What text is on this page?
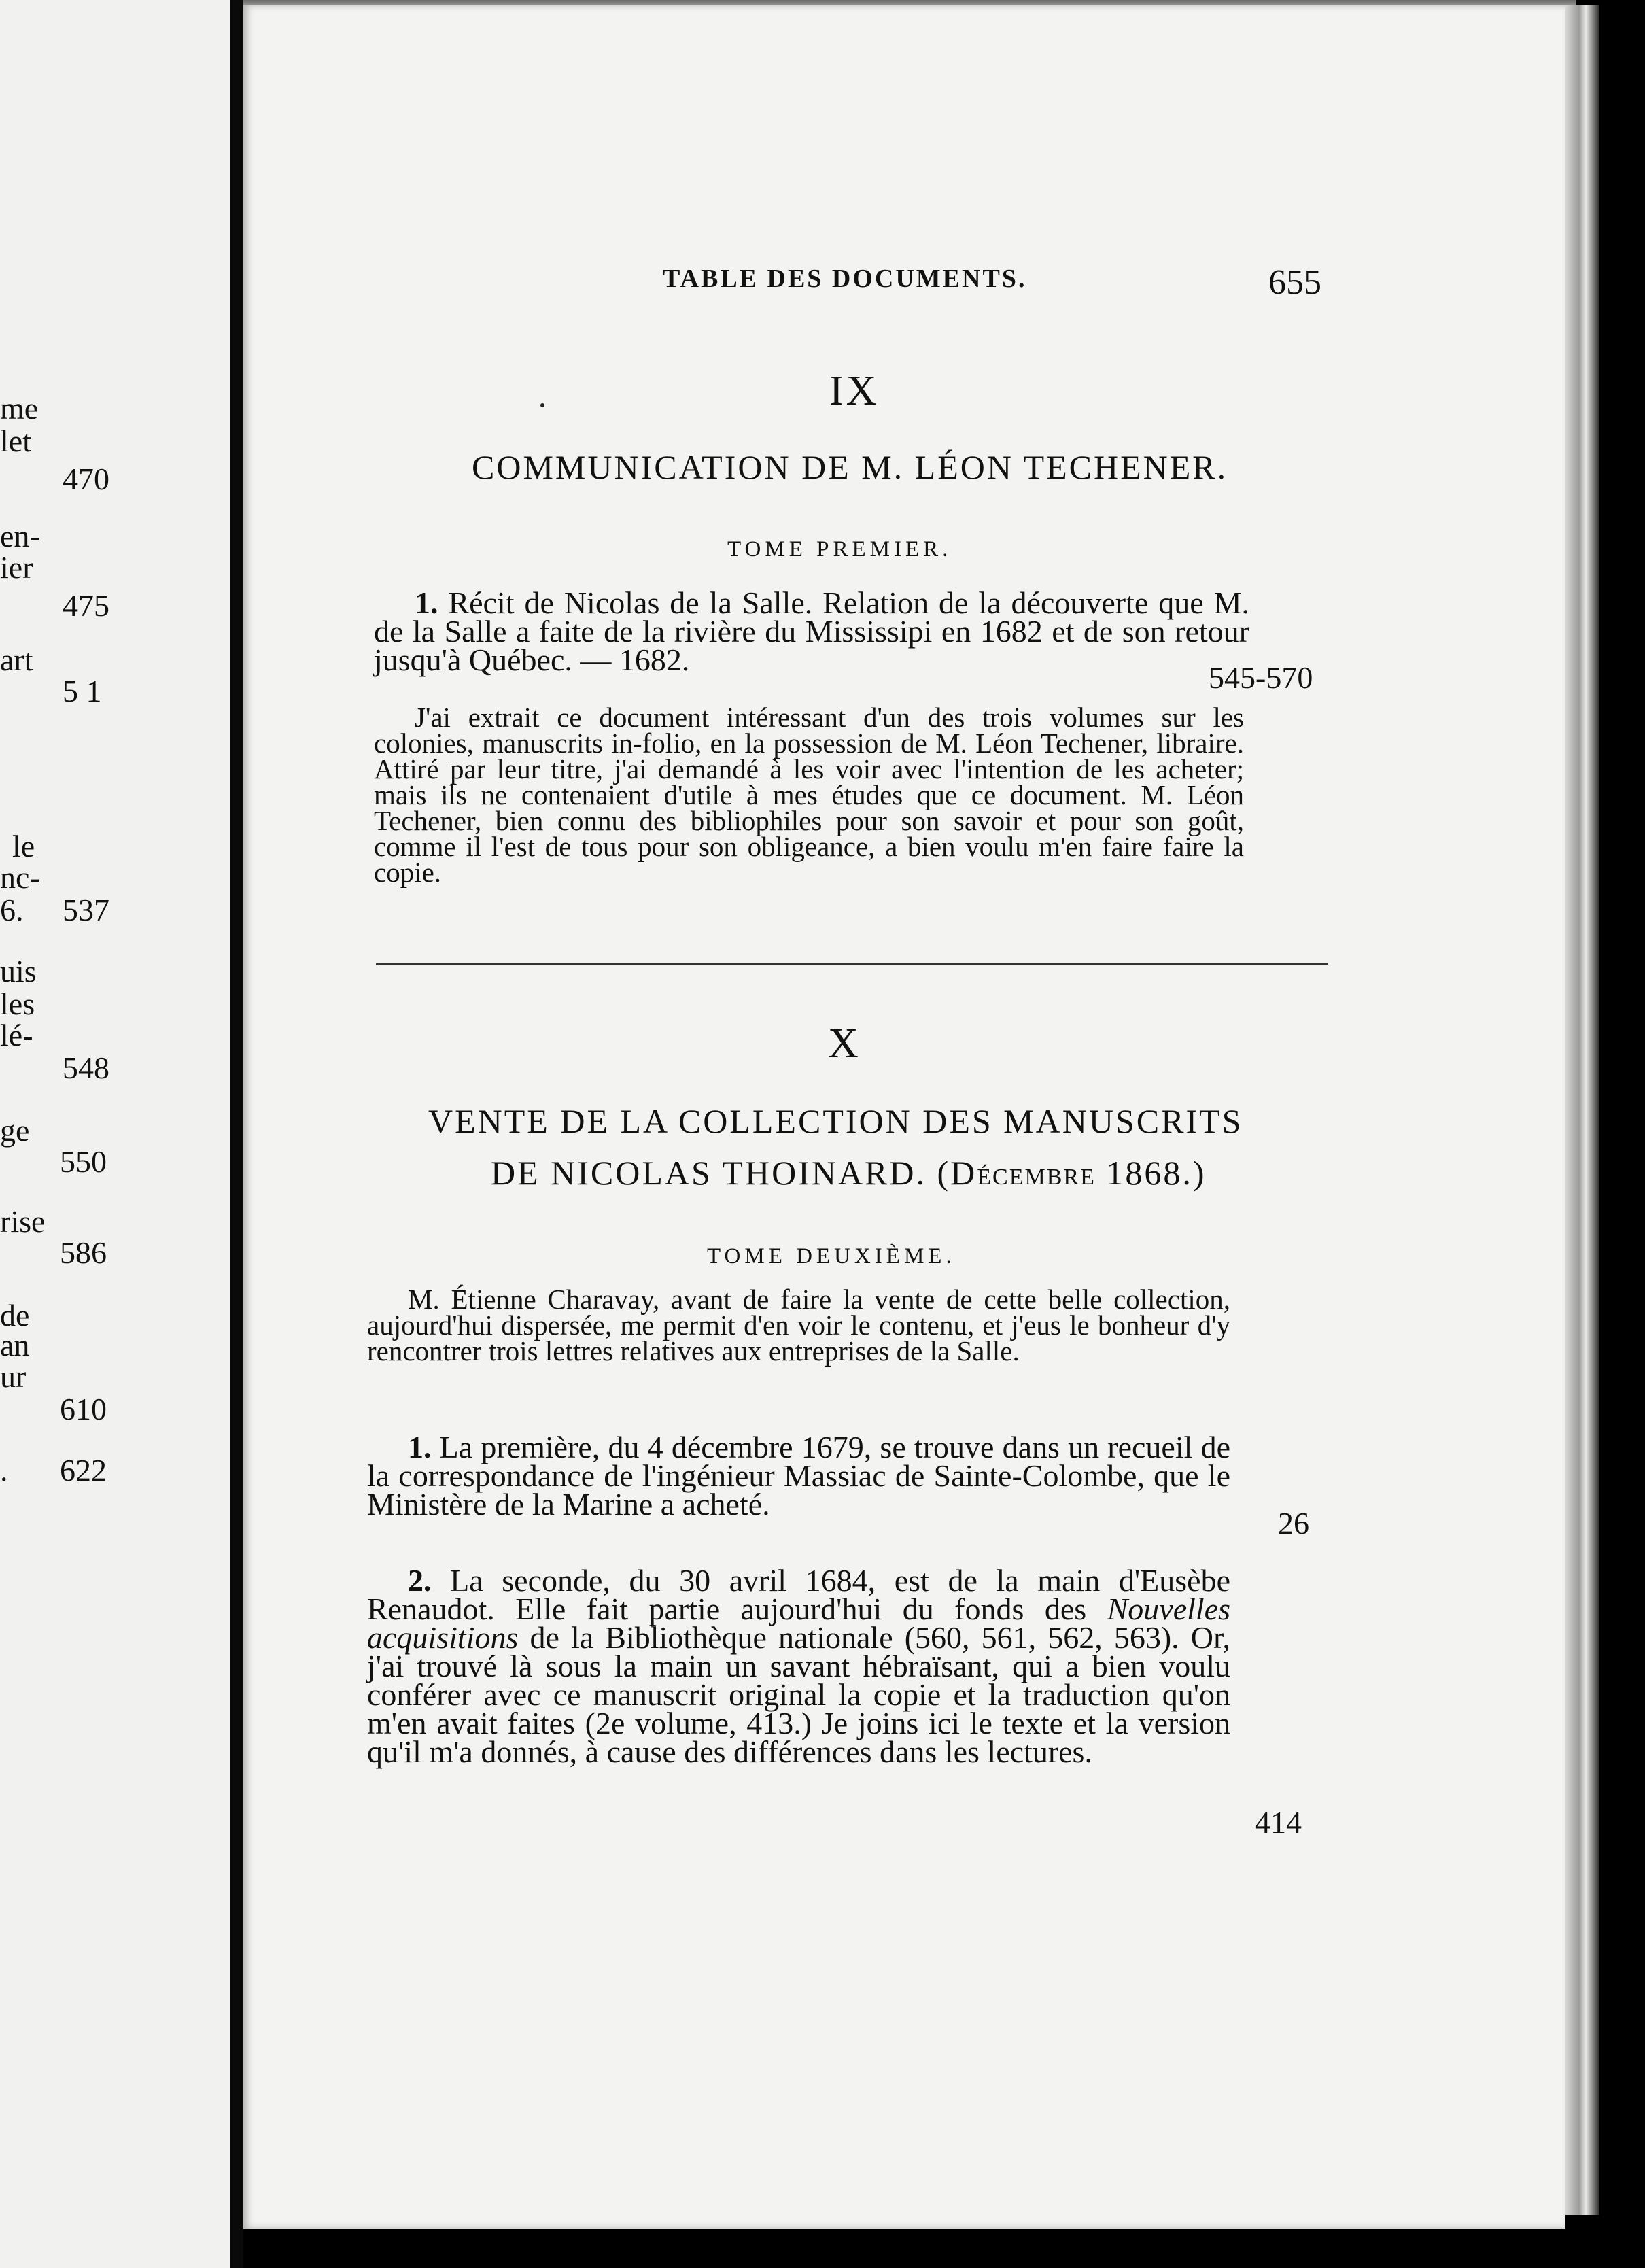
me
let
470
en-
ier
475
art
5 1
le
nc-
6. 537
uis
les
lé-
548
ge
550
rise
586
de
an
ur
610
. 622
TABLE DES DOCUMENTS.	655
IX
COMMUNICATION DE M. LÉON TECHENER.
TOME PREMIER.

1. Récit de Nicolas de la Salle. Relation de la découverte que M. de la Salle a faite de la rivière du Mississipi en 1682 et de son retour jusqu'à Québec. — 1682.

545-570

J'ai extrait ce document intéressant d'un des trois volumes sur les colonies, manuscrits in-folio, en la possession de M. Léon Techener, libraire. Attiré par leur titre, j'ai demandé à les voir avec l'intention de les acheter; mais ils ne contenaient d'utile à mes études que ce document. M. Léon Techener, bien connu des bibliophiles pour son savoir et pour son goût, comme il l'est de tous pour son obligeance, a bien voulu m'en faire faire la copie.

X
VENTE DE LA COLLECTION DES MANUSCRITS
DE NICOLAS THOINARD. (DÉCEMBRE 1868.)
TOME DEUXIÈME.

M. Étienne Charavay, avant de faire la vente de cette belle collection, aujourd'hui dispersée, me permit d'en voir le contenu, et j'eus le bonheur d'y rencontrer trois lettres relatives aux entreprises de la Salle.

1. La première, du 4 décembre 1679, se trouve dans un recueil de la correspondance de l'ingénieur Massiac de Sainte-Colombe, que le Ministère de la Marine a acheté.

26

2. La seconde, du 30 avril 1684, est de la main d'Eusèbe Renaudot. Elle fait partie aujourd'hui du fonds des Nouvelles acquisitions de la Bibliothèque nationale (560, 561, 562, 563). Or, j'ai trouvé là sous la main un savant hébraïsant, qui a bien voulu conférer avec ce manuscrit original la copie et la traduction qu'on m'en avait faites (2e volume, 413.) Je joins ici le texte et la version qu'il m'a donnés, à cause des différences dans les lectures.

414
